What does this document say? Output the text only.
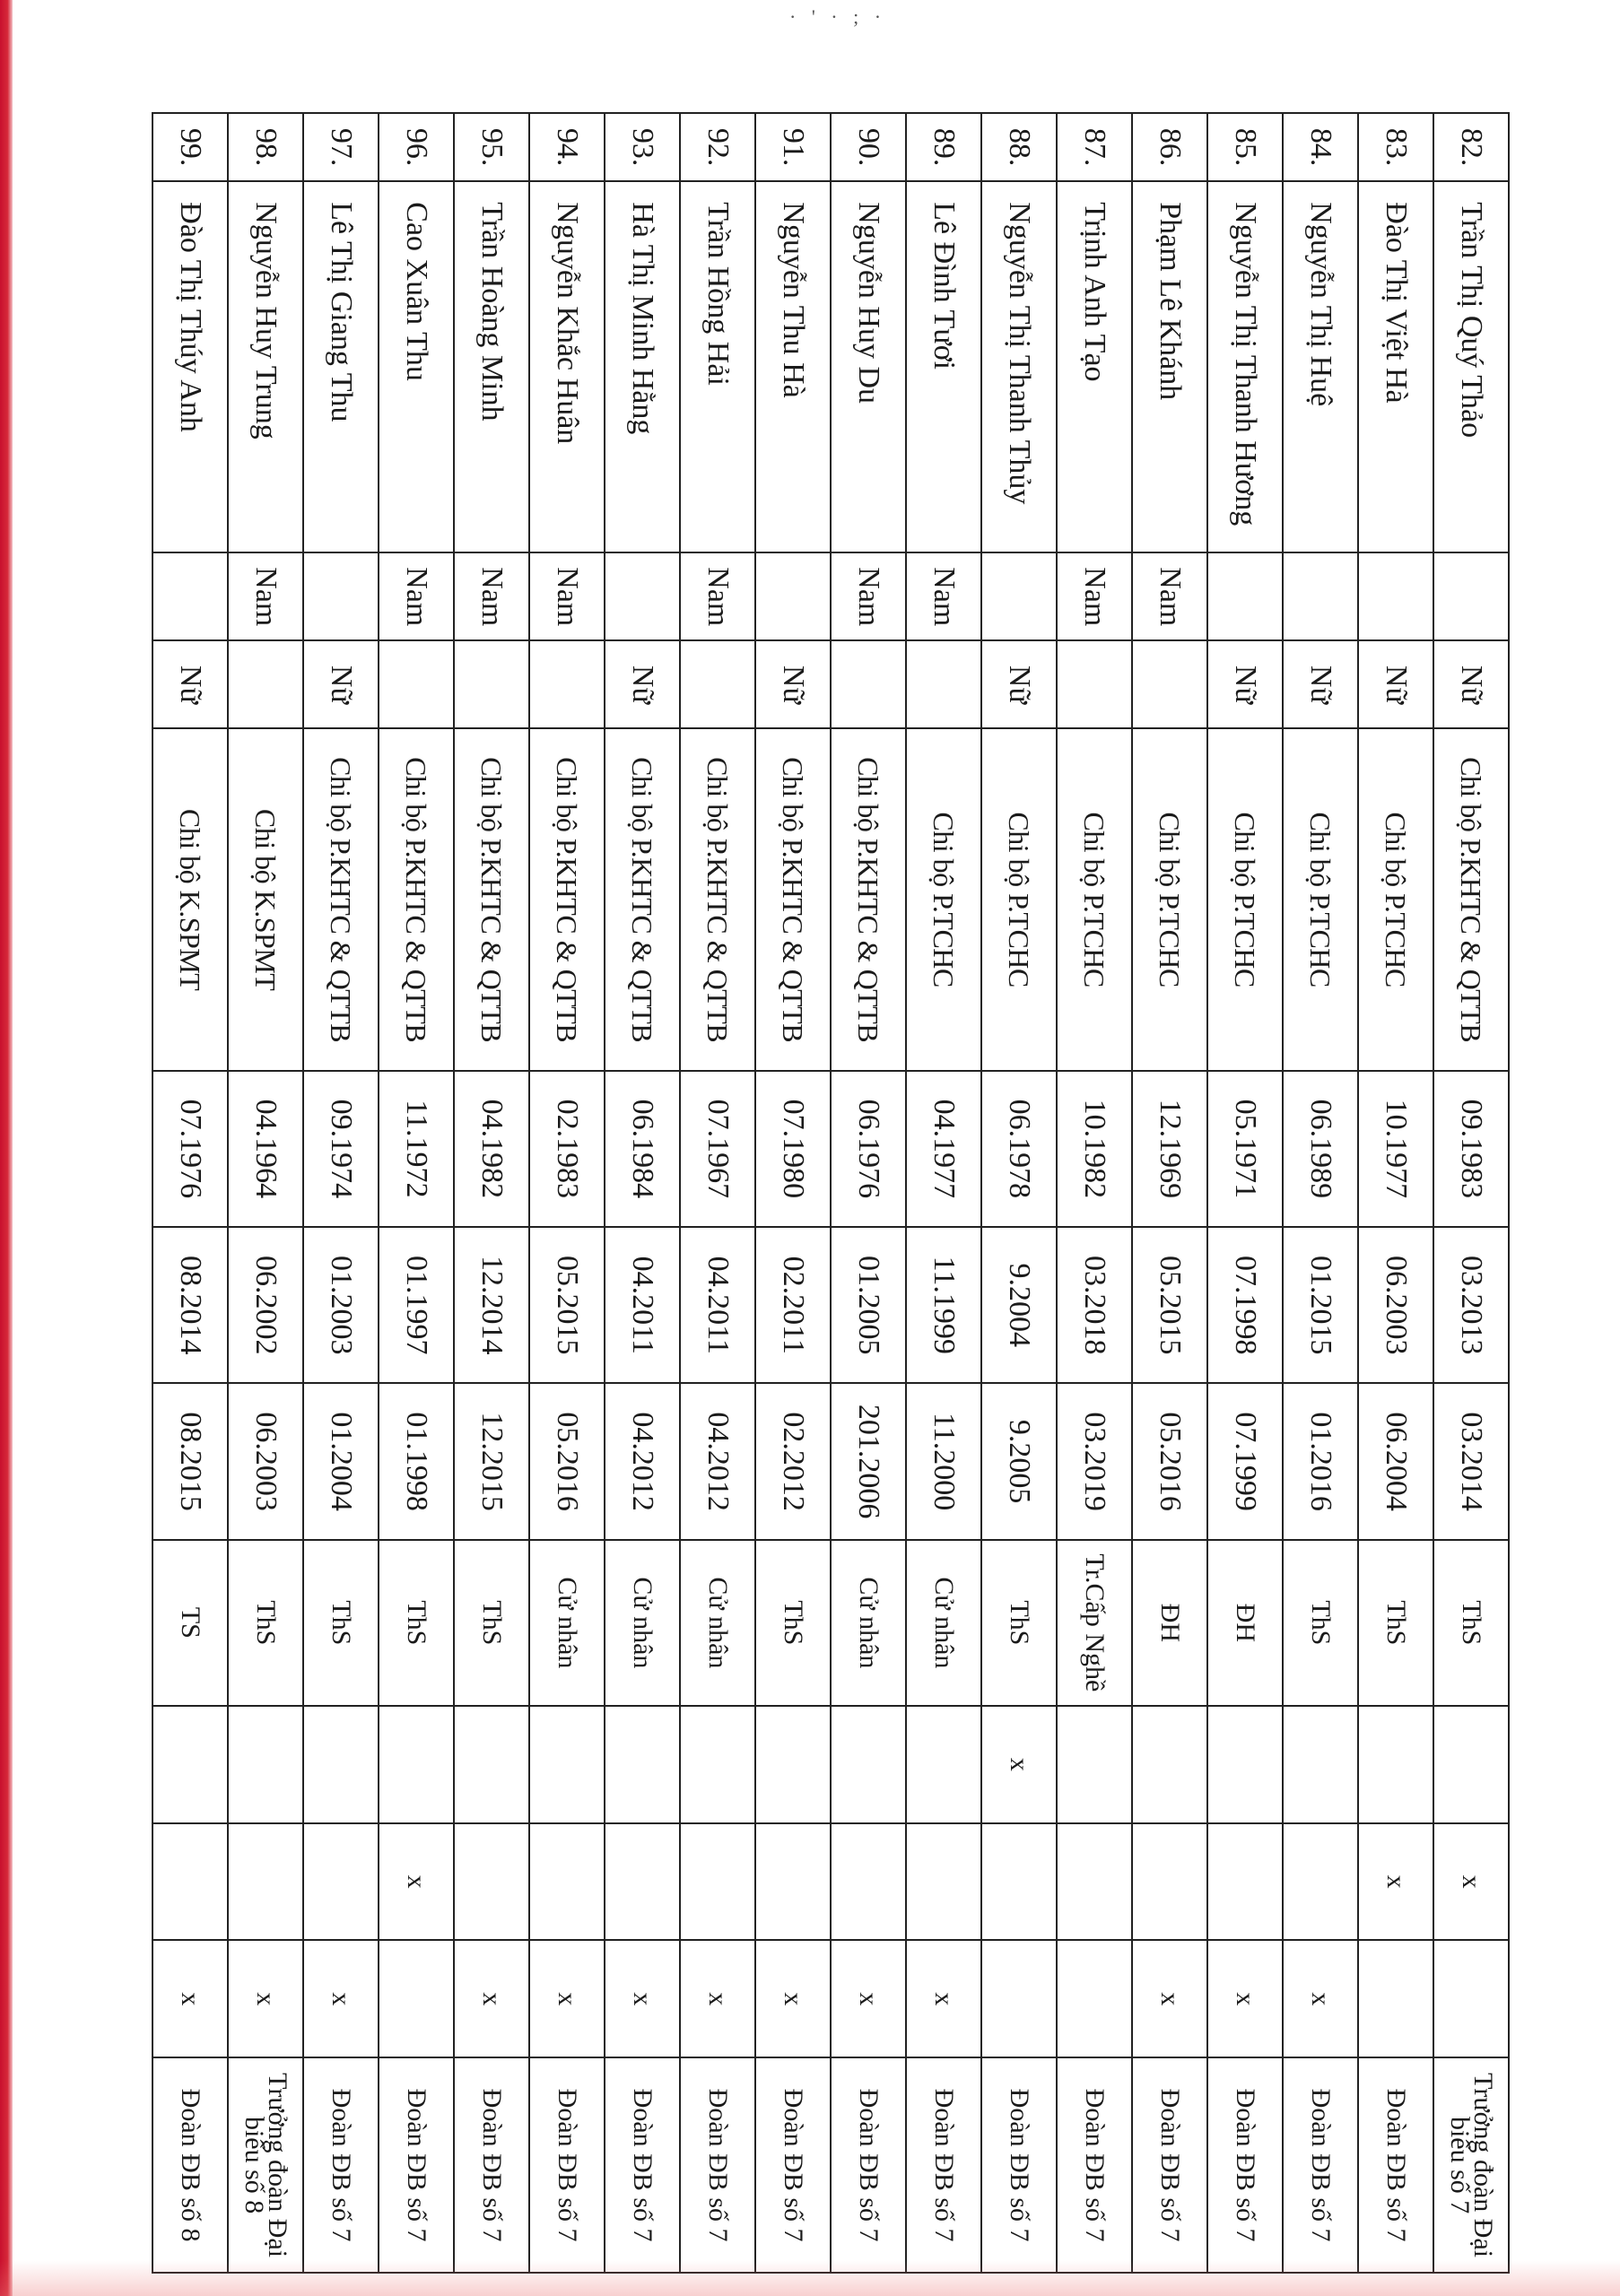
· ' · ; ·
82.	Trần Thị Quý Thảo		Nữ	Chi bộ P.KHTC & QTTB	09.1983	03.2013	03.2014	ThS		x		Trưởng đoàn Đại biểu số 7
83.	Đào Thị Việt Hà		Nữ	Chi bộ P.TCHC	10.1977	06.2003	06.2004	ThS		x		Đoàn ĐB số 7
84.	Nguyễn Thị Huệ		Nữ	Chi bộ P.TCHC	06.1989	01.2015	01.2016	ThS			x	Đoàn ĐB số 7
85.	Nguyễn Thị Thanh Hương		Nữ	Chi bộ P.TCHC	05.1971	07.1998	07.1999	ĐH			x	Đoàn ĐB số 7
86.	Phạm Lê Khánh	Nam		Chi bộ P.TCHC	12.1969	05.2015	05.2016	ĐH			x	Đoàn ĐB số 7
87.	Trịnh Anh Tạo	Nam		Chi bộ P.TCHC	10.1982	03.2018	03.2019	Tr.Cấp Nghề				Đoàn ĐB số 7
88.	Nguyễn Thị Thanh Thủy		Nữ	Chi bộ P.TCHC	06.1978	9.2004	9.2005	ThS	x			Đoàn ĐB số 7
89.	Lê Đình Tươi	Nam		Chi bộ P.TCHC	04.1977	11.1999	11.2000	Cử nhân			x	Đoàn ĐB số 7
90.	Nguyễn Huy Du	Nam		Chi bộ P.KHTC & QTTB	06.1976	01.2005	201.2006	Cử nhân			x	Đoàn ĐB số 7
91.	Nguyễn Thu Hà		Nữ	Chi bộ P.KHTC & QTTB	07.1980	02.2011	02.2012	ThS			x	Đoàn ĐB số 7
92.	Trần Hồng Hải	Nam		Chi bộ P.KHTC & QTTB	07.1967	04.2011	04.2012	Cử nhân			x	Đoàn ĐB số 7
93.	Hà Thị Minh Hằng		Nữ	Chi bộ P.KHTC & QTTB	06.1984	04.2011	04.2012	Cử nhân			x	Đoàn ĐB số 7
94.	Nguyễn Khắc Huân	Nam		Chi bộ P.KHTC & QTTB	02.1983	05.2015	05.2016	Cử nhân			x	Đoàn ĐB số 7
95.	Trần Hoàng Minh	Nam		Chi bộ P.KHTC & QTTB	04.1982	12.2014	12.2015	ThS			x	Đoàn ĐB số 7
96.	Cao Xuân Thu	Nam		Chi bộ P.KHTC & QTTB	11.1972	01.1997	01.1998	ThS		x		Đoàn ĐB số 7
97.	Lê Thị Giang Thu		Nữ	Chi bộ P.KHTC & QTTB	09.1974	01.2003	01.2004	ThS			x	Đoàn ĐB số 7
98.	Nguyễn Huy Trung	Nam		Chi bộ K.SPMT	04.1964	06.2002	06.2003	ThS			x	Trưởng đoàn Đại biểu số 8
99.	Đào Thị Thúy Anh		Nữ	Chi bộ K.SPMT	07.1976	08.2014	08.2015	TS			x	Đoàn ĐB số 8
